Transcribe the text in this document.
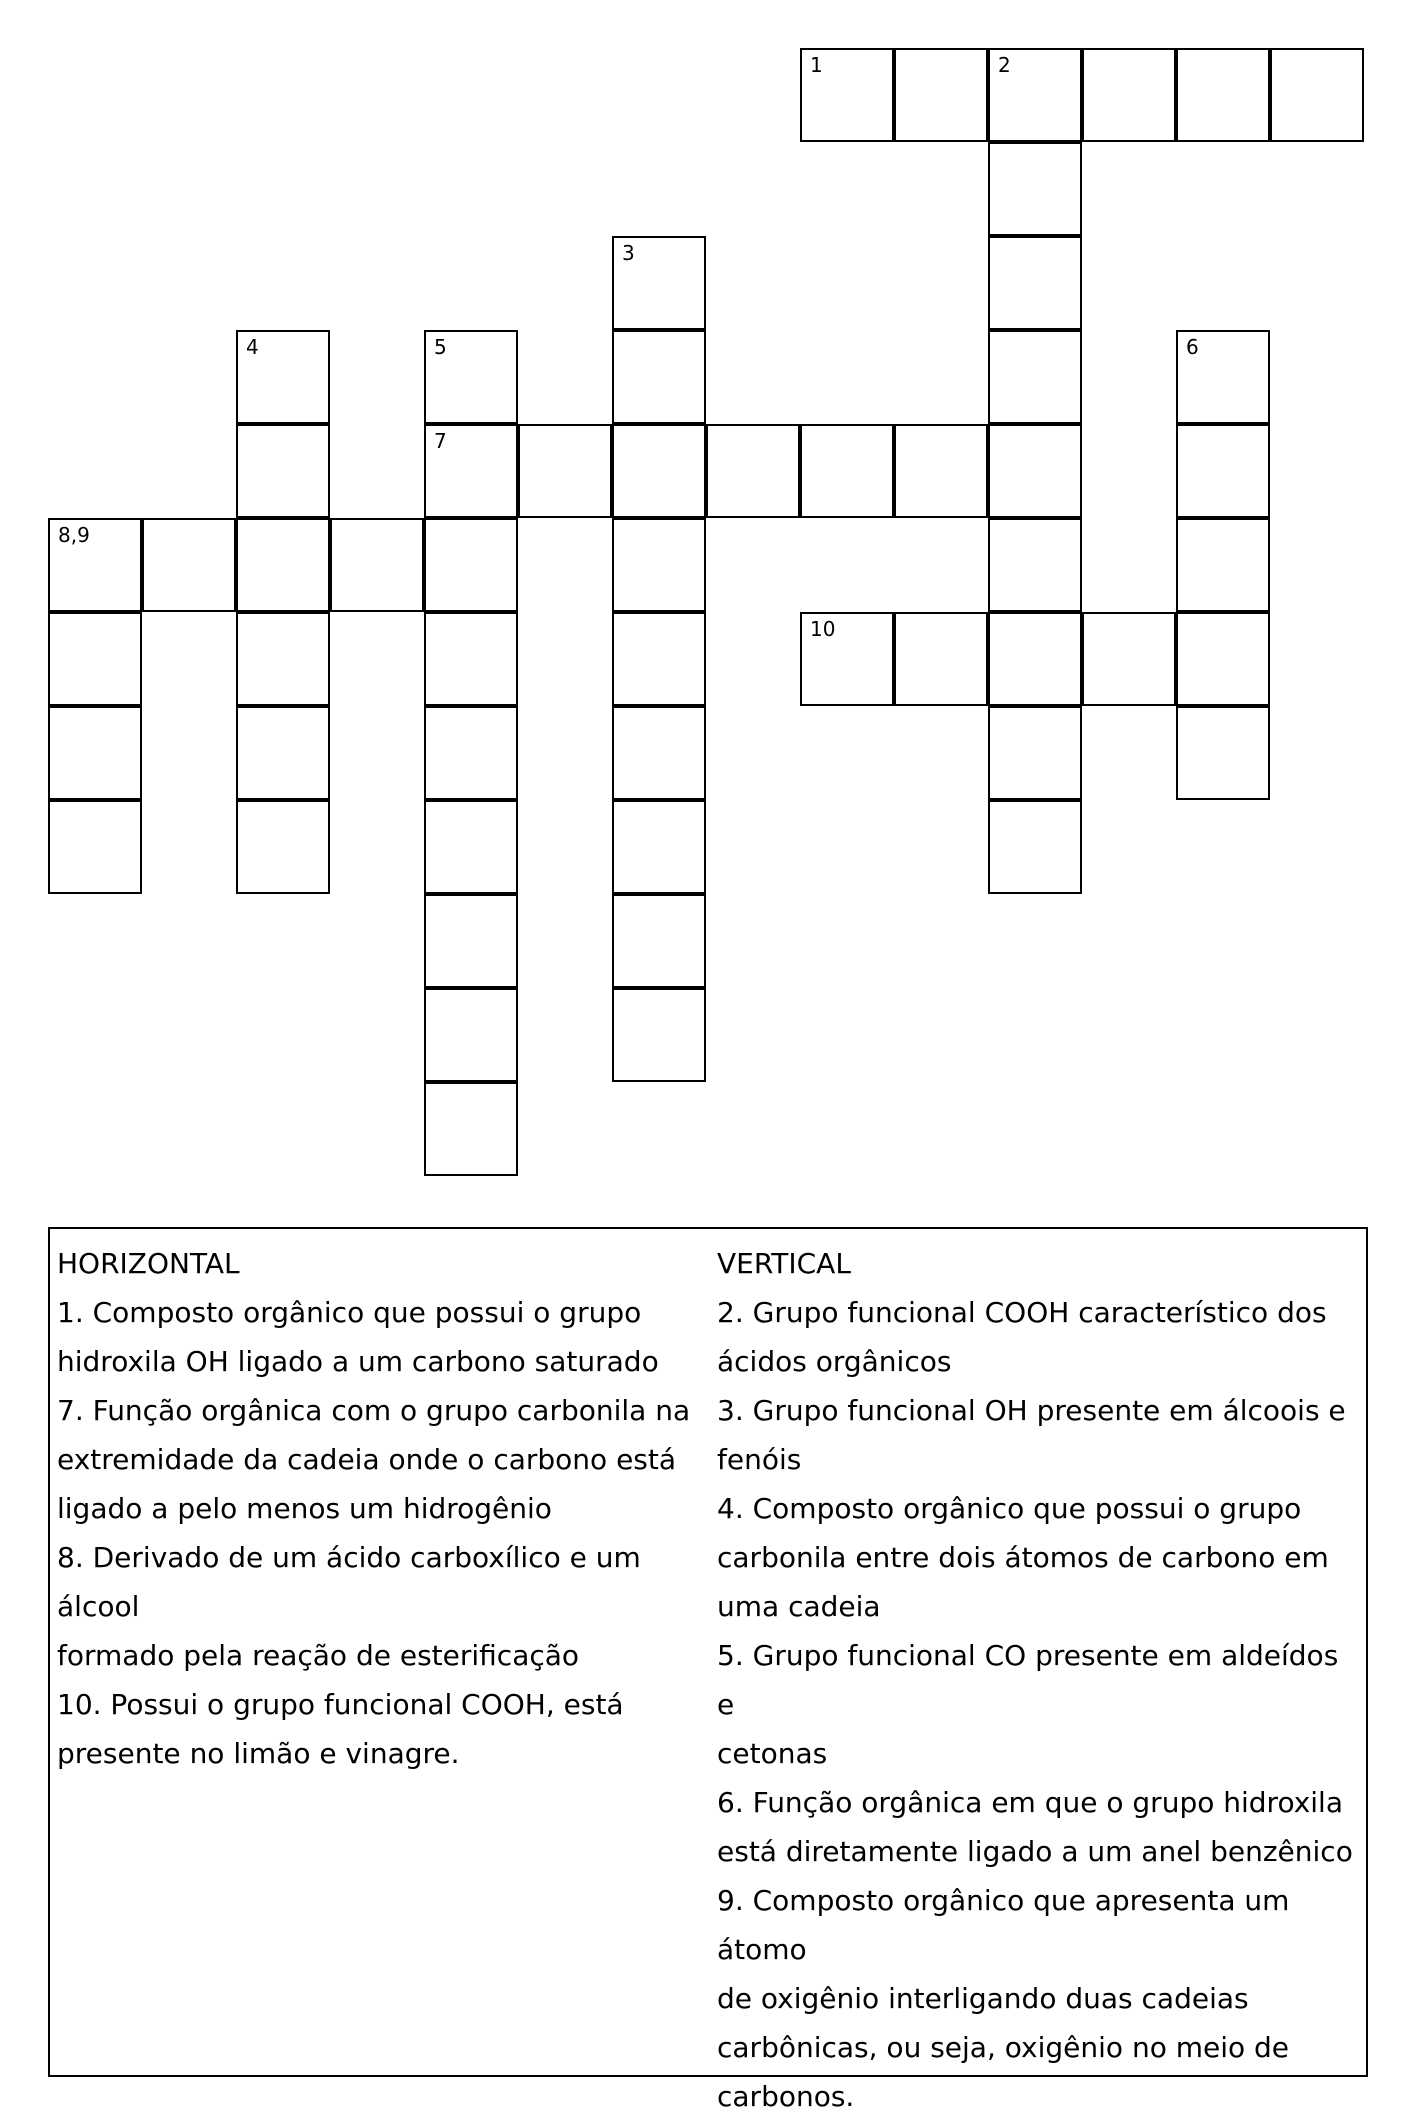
1	2
3
4	5	6
7
8,9
10

HORIZONTAL

1. Composto orgânico que possui o grupo

hidroxila OH ligado a um carbono saturado

7. Função orgânica com o grupo carbonila na

extremidade da cadeia onde o carbono está

ligado a pelo menos um hidrogênio

8. Derivado de um ácido carboxílico e um álcool

formado pela reação de esterificação

10. Possui o grupo funcional COOH, está

presente no limão e vinagre.

VERTICAL

2. Grupo funcional COOH característico dos

ácidos orgânicos

3. Grupo funcional OH presente em álcoois e

fenóis

4. Composto orgânico que possui o grupo

carbonila entre dois átomos de carbono em

uma cadeia

5. Grupo funcional CO presente em aldeídos e

cetonas

6. Função orgânica em que o grupo hidroxila

está diretamente ligado a um anel benzênico

9. Composto orgânico que apresenta um átomo

de oxigênio interligando duas cadeias

carbônicas, ou seja, oxigênio no meio de

carbonos.
